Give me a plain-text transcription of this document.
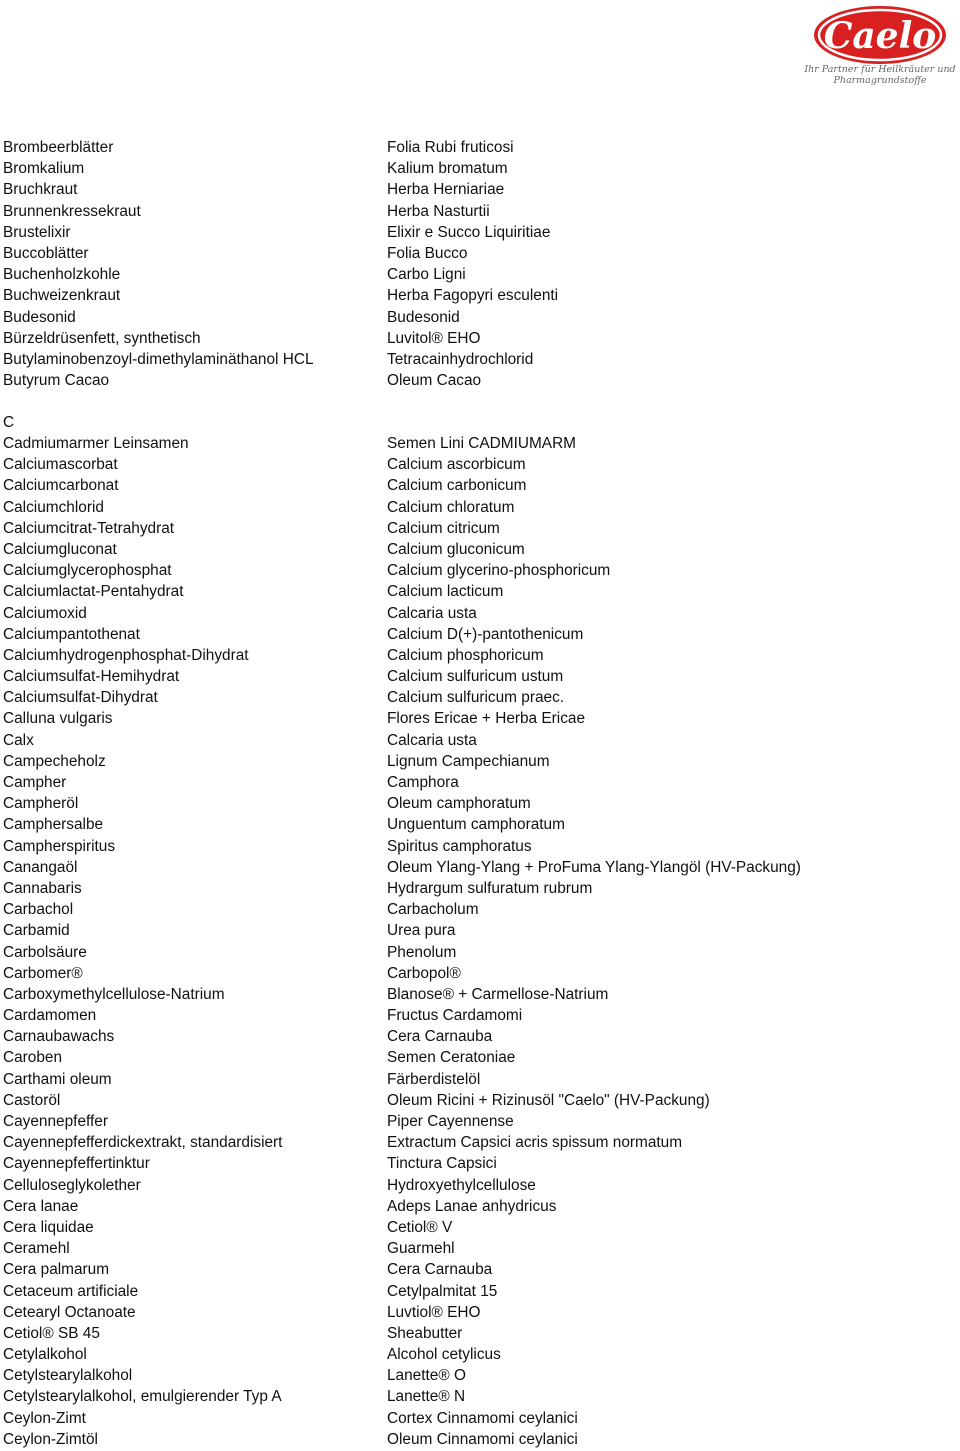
Caelo
Ihr Partner für Heilkräuter und
Pharmagrundstoffe
Brombeerblätter	Folia Rubi fruticosi
Bromkalium	Kalium bromatum
Bruchkraut	Herba Herniariae
Brunnenkressekraut	Herba Nasturtii
Brustelixir	Elixir e Succo Liquiritiae
Buccoblätter	Folia Bucco
Buchenholzkohle	Carbo Ligni
Buchweizenkraut	Herba Fagopyri esculenti
Budesonid	Budesonid
Bürzeldrüsenfett, synthetisch	Luvitol® EHO
Butylaminobenzoyl-dimethylaminäthanol HCL	Tetracainhydrochlorid
Butyrum Cacao	Oleum Cacao
C
Cadmiumarmer Leinsamen	Semen Lini CADMIUMARM
Calciumascorbat	Calcium ascorbicum
Calciumcarbonat	Calcium carbonicum
Calciumchlorid	Calcium chloratum
Calciumcitrat-Tetrahydrat	Calcium citricum
Calciumgluconat	Calcium gluconicum
Calciumglycerophosphat	Calcium glycerino-phosphoricum
Calciumlactat-Pentahydrat	Calcium lacticum
Calciumoxid	Calcaria usta
Calciumpantothenat	Calcium D(+)-pantothenicum
Calciumhydrogenphosphat-Dihydrat	Calcium phosphoricum
Calciumsulfat-Hemihydrat	Calcium sulfuricum ustum
Calciumsulfat-Dihydrat	Calcium sulfuricum praec.
Calluna vulgaris	Flores Ericae + Herba Ericae
Calx	Calcaria usta
Campecheholz	Lignum Campechianum
Campher	Camphora
Campheröl	Oleum camphoratum
Camphersalbe	Unguentum camphoratum
Campherspiritus	Spiritus camphoratus
Canangaöl	Oleum Ylang-Ylang + ProFuma Ylang-Ylangöl (HV-Packung)
Cannabaris	Hydrargum sulfuratum rubrum
Carbachol	Carbacholum
Carbamid	Urea pura
Carbolsäure	Phenolum
Carbomer®	Carbopol®
Carboxymethylcellulose-Natrium	Blanose® + Carmellose-Natrium
Cardamomen	Fructus Cardamomi
Carnaubawachs	Cera Carnauba
Caroben	Semen Ceratoniae
Carthami oleum	Färberdistelöl
Castoröl	Oleum Ricini + Rizinusöl "Caelo" (HV-Packung)
Cayennepfeffer	Piper Cayennense
Cayennepfefferdickextrakt, standardisiert	Extractum Capsici acris spissum normatum
Cayennepfeffertinktur	Tinctura Capsici
Celluloseglykolether	Hydroxyethylcellulose
Cera lanae	Adeps Lanae anhydricus
Cera liquidae	Cetiol® V
Ceramehl	Guarmehl
Cera palmarum	Cera Carnauba
Cetaceum artificiale	Cetylpalmitat 15
Cetearyl Octanoate	Luvtiol® EHO
Cetiol® SB 45	Sheabutter
Cetylalkohol	Alcohol cetylicus
Cetylstearylalkohol	Lanette® O
Cetylstearylalkohol, emulgierender Typ A	Lanette® N
Ceylon-Zimt	Cortex Cinnamomi ceylanici
Ceylon-Zimtöl	Oleum Cinnamomi ceylanici
